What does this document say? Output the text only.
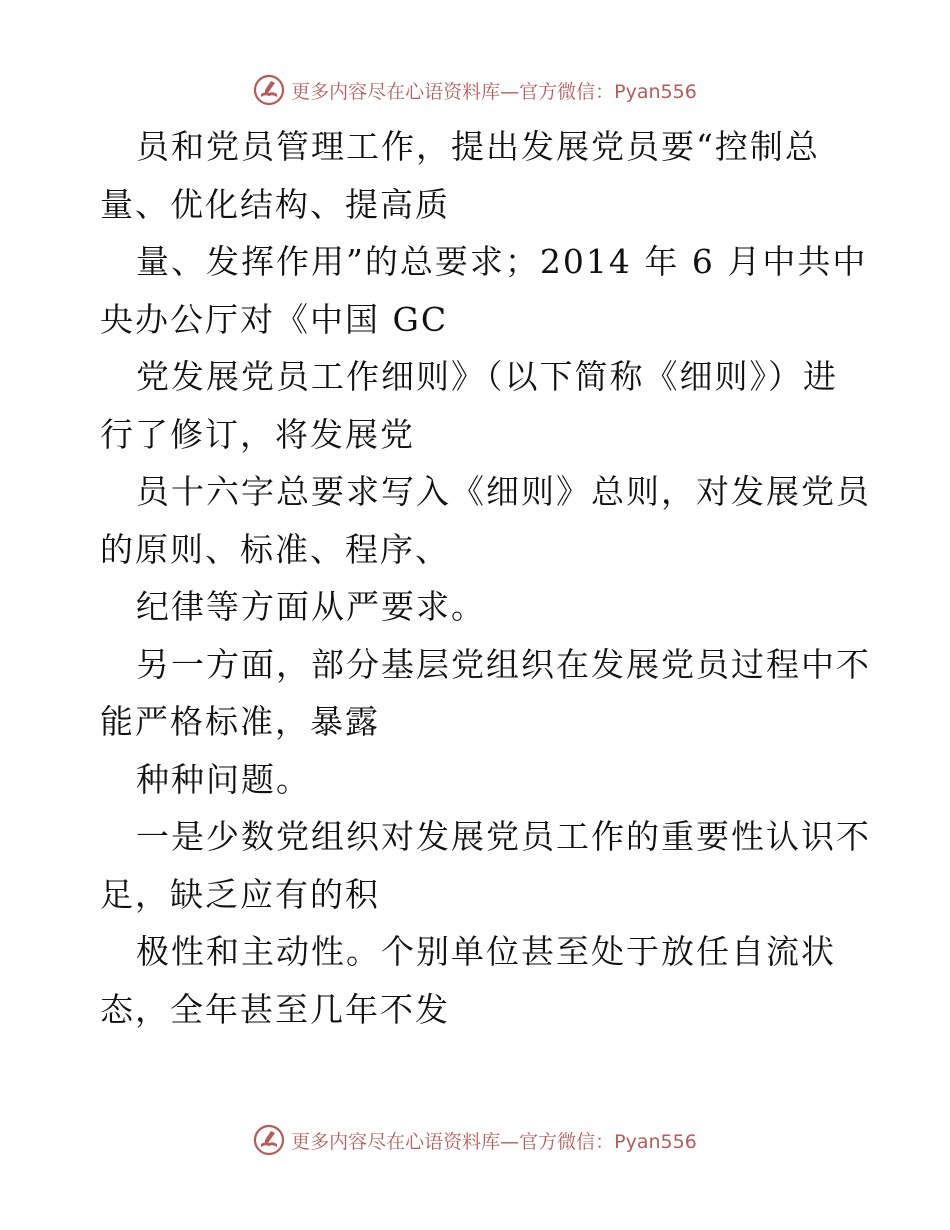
更多内容尽在心语资料库—官方微信：Pyan556
员和党员管理工作，提出发展党员要“控制总
量、优化结构、提高质
量、发挥作用”的总要求；2014 年 6 月中共中
央办公厅对《中国 GC
党发展党员工作细则》（以下简称《细则》）进
行了修订，将发展党
员十六字总要求写入《细则》总则，对发展党员
的原则、标准、程序、
纪律等方面从严要求。
另一方面，部分基层党组织在发展党员过程中不
能严格标准，暴露
种种问题。
一是少数党组织对发展党员工作的重要性认识不
足，缺乏应有的积
极性和主动性。个别单位甚至处于放任自流状
态，全年甚至几年不发
更多内容尽在心语资料库—官方微信：Pyan556
